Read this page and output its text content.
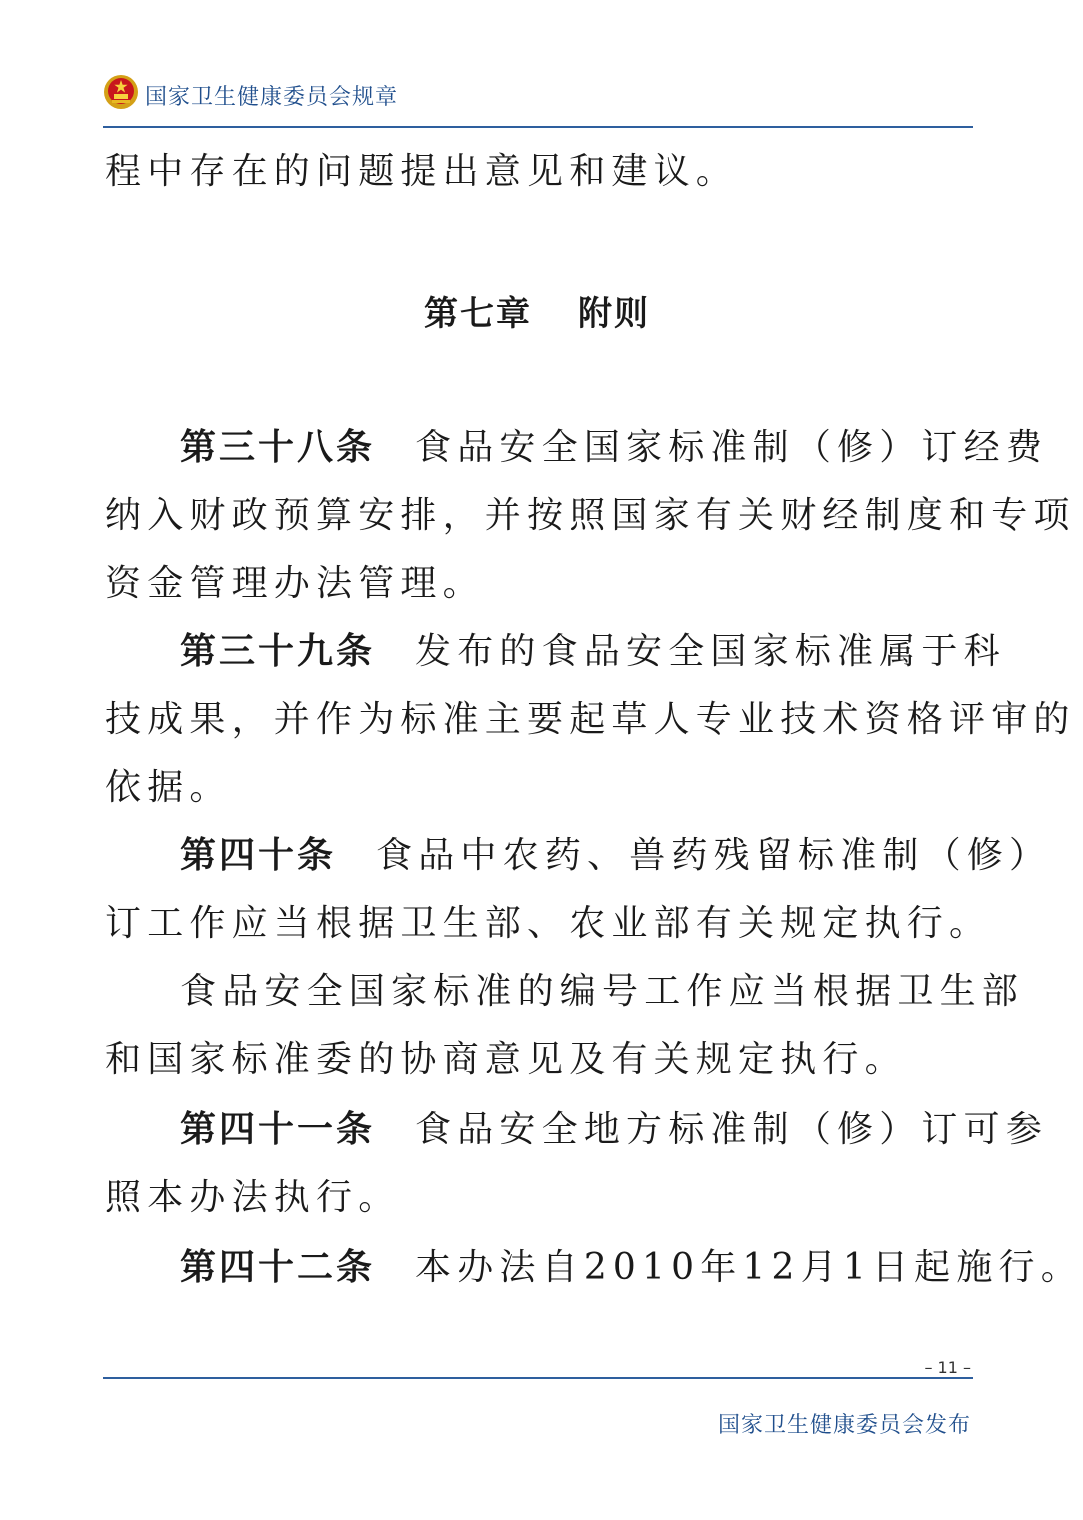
国家卫生健康委员会规章
程中存在的问题提出意见和建议。
第七章 附则
第三十八条 食品安全国家标准制（修）订经费
纳入财政预算安排，并按照国家有关财经制度和专项
资金管理办法管理。
第三十九条 发布的食品安全国家标准属于科
技成果，并作为标准主要起草人专业技术资格评审的
依据。
第四十条 食品中农药、兽药残留标准制（修）
订工作应当根据卫生部、农业部有关规定执行。
食品安全国家标准的编号工作应当根据卫生部
和国家标准委的协商意见及有关规定执行。
第四十一条 食品安全地方标准制（修）订可参
照本办法执行。
第四十二条 本办法自2010年12月1日起施行。
– 11 –
国家卫生健康委员会发布
